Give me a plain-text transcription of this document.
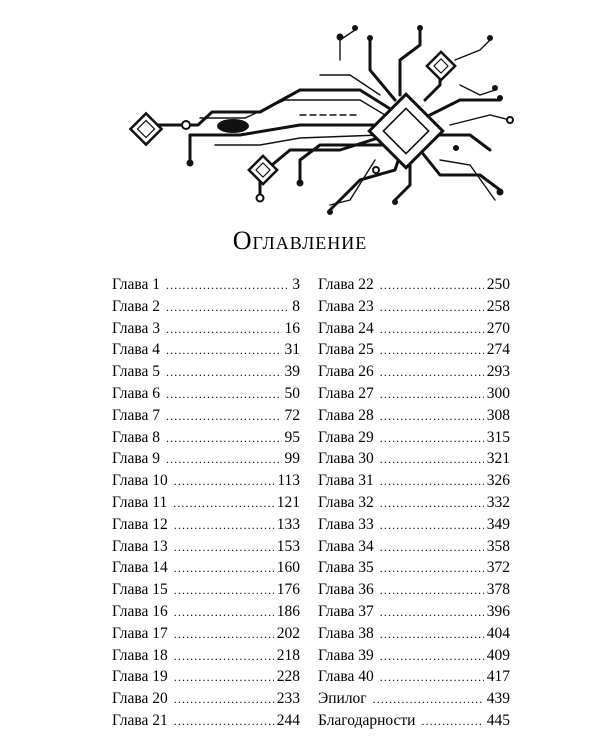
Оглавление
Глава 1 .....	3
Глава 2 .....	8
Глава 3 .....	16
Глава 4 .....	31
Глава 5 .....	39
Глава 6 .....	50
Глава 7 .....	72
Глава 8 .....	95
Глава 9 .....	99
Глава 10 .....	113
Глава 11 .....	121
Глава 12 .....	133
Глава 13 .....	153
Глава 14 .....	160
Глава 15 .....	176
Глава 16 .....	186
Глава 17 .....	202
Глава 18 .....	218
Глава 19 .....	228
Глава 20 .....	233
Глава 21 .....	244
Глава 22 .....	250
Глава 23 .....	258
Глава 24 .....	270
Глава 25 .....	274
Глава 26 .....	293
Глава 27 .....	300
Глава 28 .....	308
Глава 29 .....	315
Глава 30 .....	321
Глава 31 .....	326
Глава 32 .....	332
Глава 33 .....	349
Глава 34 .....	358
Глава 35 .....	372
Глава 36 .....	378
Глава 37 .....	396
Глава 38 .....	404
Глава 39 .....	409
Глава 40 .....	417
Эпилог .....	439
Благодарности .....	445
